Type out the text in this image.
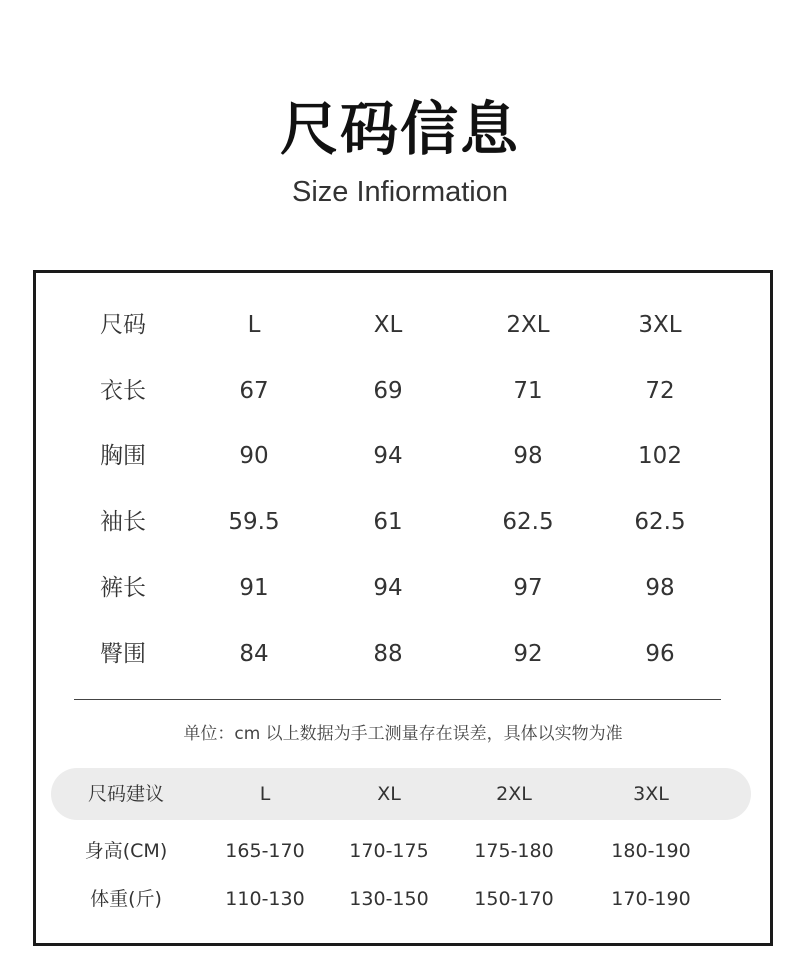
尺码信息
Size Infiormation
尺码	L	XL	2XL	3XL
衣长	67	69	71	72
胸围	90	94	98	102
袖长	59.5	61	62.5	62.5
裤长	91	94	97	98
臀围	84	88	92	96
单位：cm 以上数据为手工测量存在误差，具体以实物为准
尺码建议	L	XL	2XL	3XL
身高(CM)	165-170 170-175 175-180	180-190
体重(斤)	110-130 130-150 150-170	170-190
